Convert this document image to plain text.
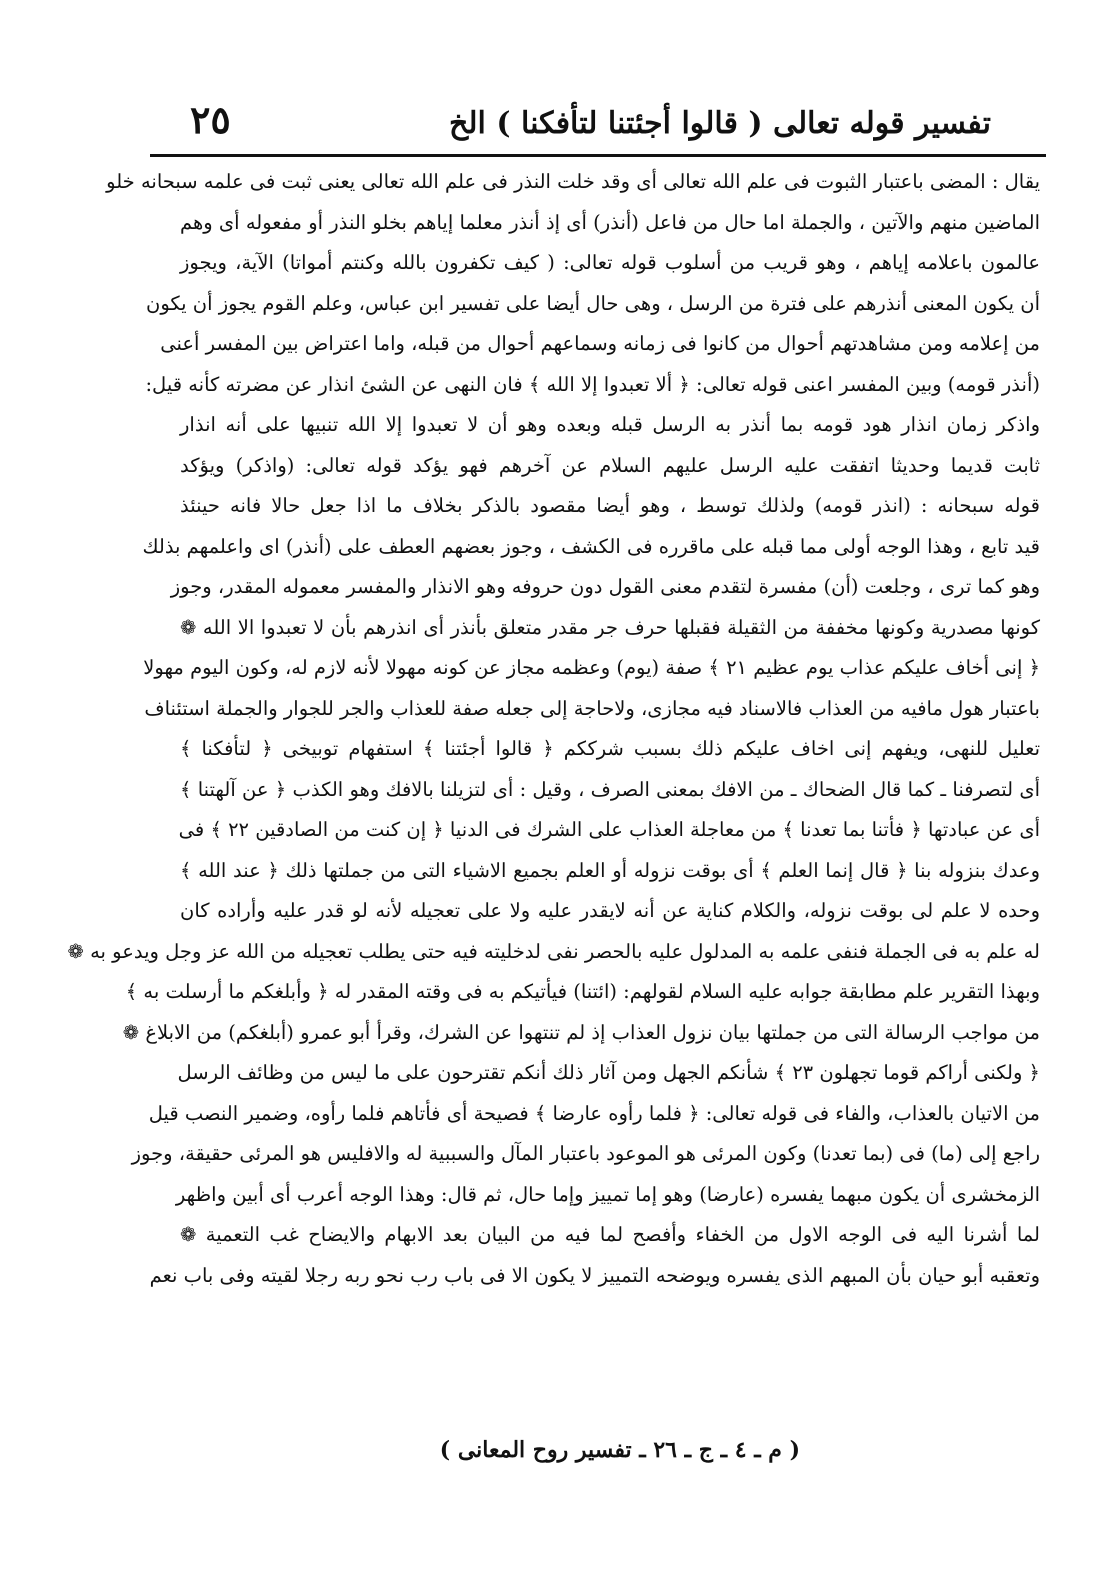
تفسير قوله تعالى ( قالوا أجئتنا لتأفكنا ) الخ
٢٥
يقال : المضى باعتبار الثبوت فى علم الله تعالى أى وقد خلت النذر فى علم الله تعالى يعنى ثبت فى علمه سبحانه خلو
الماضين منهم والآتين ، والجملة اما حال من فاعل (أنذر) أى إذ أنذر معلما إياهم بخلو النذر أو مفعوله أى وهم
عالمون باعلامه إياهم ، وهو قريب من أسلوب قوله تعالى: ( كيف تكفرون بالله وكنتم أمواتا) الآية، ويجوز
أن يكون المعنى أنذرهم على فترة من الرسل ، وهى حال أيضا على تفسير ابن عباس، وعلم القوم يجوز أن يكون
من إعلامه ومن مشاهدتهم أحوال من كانوا فى زمانه وسماعهم أحوال من قبله، واما اعتراض بين المفسر أعنى
(أنذر قومه) وبين المفسر اعنى قوله تعالى: ﴿ ألا تعبدوا إلا الله ﴾ فان النهى عن الشئ انذار عن مضرته كأنه قيل:
واذكر زمان انذار هود قومه بما أنذر به الرسل قبله وبعده وهو أن لا تعبدوا إلا الله تنبيها على أنه انذار
ثابت قديما وحديثا اتفقت عليه الرسل عليهم السلام عن آخرهم فهو يؤكد قوله تعالى: (واذكر) ويؤكد
قوله سبحانه : (انذر قومه) ولذلك توسط ، وهو أيضا مقصود بالذكر بخلاف ما اذا جعل حالا فانه حينئذ
قيد تابع ، وهذا الوجه أولى مما قبله على ماقرره فى الكشف ، وجوز بعضهم العطف على (أنذر) اى واعلمهم بذلك
وهو كما ترى ، وجلعت (أن) مفسرة لتقدم معنى القول دون حروفه وهو الانذار والمفسر معموله المقدر، وجوز
كونها مصدرية وكونها مخففة من الثقيلة فقبلها حرف جر مقدر متعلق بأنذر أى انذرهم بأن لا تعبدوا الا الله ❁
﴿ إنى أخاف عليكم عذاب يوم عظيم ٢١ ﴾ صفة (يوم) وعظمه مجاز عن كونه مهولا لأنه لازم له، وكون اليوم مهولا
باعتبار هول مافيه من العذاب فالاسناد فيه مجازى، ولاحاجة إلى جعله صفة للعذاب والجر للجوار والجملة استئناف
تعليل للنهى، ويفهم إنى اخاف عليكم ذلك بسبب شرككم ﴿ قالوا أجئتنا ﴾ استفهام توبيخى ﴿ لتأفكنا ﴾
أى لتصرفنا ـ كما قال الضحاك ـ من الافك بمعنى الصرف ، وقيل : أى لتزيلنا بالافك وهو الكذب ﴿ عن آلهتنا ﴾
أى عن عبادتها ﴿ فأتنا بما تعدنا ﴾ من معاجلة العذاب على الشرك فى الدنيا ﴿ إن كنت من الصادقين ٢٢ ﴾ فى
وعدك بنزوله بنا ﴿ قال إنما العلم ﴾ أى بوقت نزوله أو العلم بجميع الاشياء التى من جملتها ذلك ﴿ عند الله ﴾
وحده لا علم لى بوقت نزوله، والكلام كناية عن أنه لايقدر عليه ولا على تعجيله لأنه لو قدر عليه وأراده كان
له علم به فى الجملة فنفى علمه به المدلول عليه بالحصر نفى لدخليته فيه حتى يطلب تعجيله من الله عز وجل ويدعو به ❁
وبهذا التقرير علم مطابقة جوابه عليه السلام لقولهم: (ائتنا) فيأتيكم به فى وقته المقدر له ﴿ وأبلغكم ما أرسلت به ﴾
من مواجب الرسالة التى من جملتها بيان نزول العذاب إذ لم تنتهوا عن الشرك، وقرأ أبو عمرو (أبلغكم) من الابلاغ ❁
﴿ ولكنى أراكم قوما تجهلون ٢٣ ﴾ شأنكم الجهل ومن آثار ذلك أنكم تقترحون على ما ليس من وظائف الرسل
من الاتيان بالعذاب، والفاء فى قوله تعالى: ﴿ فلما رأوه عارضا ﴾ فصيحة أى فأتاهم فلما رأوه، وضمير النصب قيل
راجع إلى (ما) فى (بما تعدنا) وكون المرئى هو الموعود باعتبار المآل والسببية له والافليس هو المرئى حقيقة، وجوز
الزمخشرى أن يكون مبهما يفسره (عارضا) وهو إما تمييز وإما حال، ثم قال: وهذا الوجه أعرب أى أبين واظهر
لما أشرنا اليه فى الوجه الاول من الخفاء وأفصح لما فيه من البيان بعد الابهام والايضاح غب التعمية ❁
وتعقبه أبو حيان بأن المبهم الذى يفسره ويوضحه التمييز لا يكون الا فى باب رب نحو ربه رجلا لقيته وفى باب نعم
( م ـ ٤ ـ ج ـ ٢٦ ـ تفسير روح المعانى )
